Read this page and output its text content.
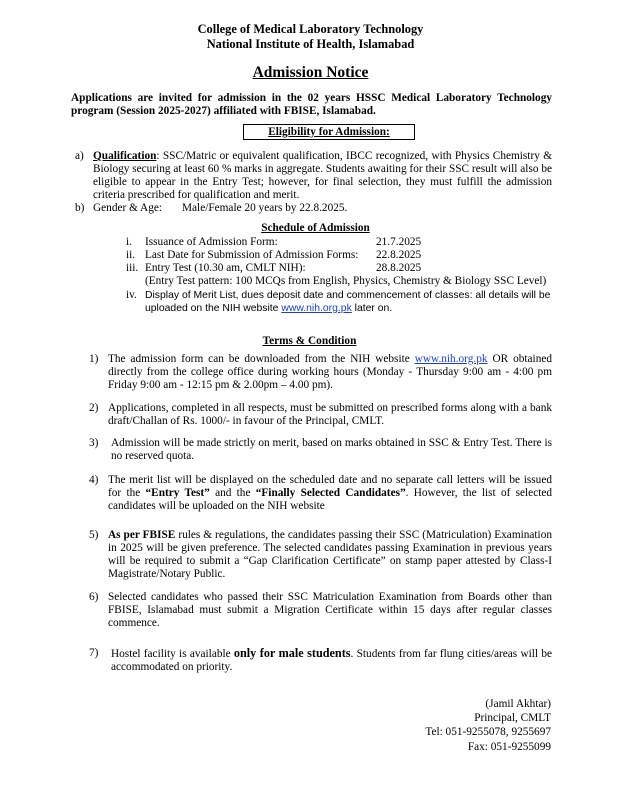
College of Medical Laboratory Technology
National Institute of Health, Islamabad
Admission Notice
Applications are invited for admission in the 02 years HSSC Medical Laboratory Technology program (Session 2025-2027) affiliated with FBISE, Islamabad.
Eligibility for Admission:
a) Qualification: SSC/Matric or equivalent qualification, IBCC recognized, with Physics Chemistry & Biology securing at least 60 % marks in aggregate. Students awaiting for their SSC result will also be eligible to appear in the Entry Test; however, for final selection, they must fulfill the admission criteria prescribed for qualification and merit.
b) Gender & Age: Male/Female 20 years by 22.8.2025.
Schedule of Admission
i. Issuance of Admission Form:	21.7.2025
ii. Last Date for Submission of Admission Forms: 22.8.2025
iii. Entry Test (10.30 am, CMLT NIH):	28.8.2025
(Entry Test pattern: 100 MCQs from English, Physics, Chemistry & Biology SSC Level)
iv. Display of Merit List, dues deposit date and commencement of classes: all details will be
uploaded on the NIH website www.nih.org.pk later on.
Terms & Condition
1) The admission form can be downloaded from the NIH website www.nih.org.pk OR obtained directly from the college office during working hours (Monday - Thursday 9:00 am - 4:00 pm Friday 9:00 am - 12:15 pm & 2.00pm – 4.00 pm).
2) Applications, completed in all respects, must be submitted on prescribed forms along with a bank draft/Challan of Rs. 1000/- in favour of the Principal, CMLT.
3) Admission will be made strictly on merit, based on marks obtained in SSC & Entry Test. There is no reserved quota.
4) The merit list will be displayed on the scheduled date and no separate call letters will be issued for the “Entry Test” and the “Finally Selected Candidates”. However, the list of selected candidates will be uploaded on the NIH website
5) As per FBISE rules & regulations, the candidates passing their SSC (Matriculation) Examination in 2025 will be given preference. The selected candidates passing Examination in previous years will be required to submit a “Gap Clarification Certificate” on stamp paper attested by Class-I Magistrate/Notary Public.
6) Selected candidates who passed their SSC Matriculation Examination from Boards other than FBISE, Islamabad must submit a Migration Certificate within 15 days after regular classes commence.
7) Hostel facility is available only for male students. Students from far flung cities/areas will be accommodated on priority.
(Jamil Akhtar)
Principal, CMLT
Tel: 051-9255078, 9255697
Fax: 051-9255099
